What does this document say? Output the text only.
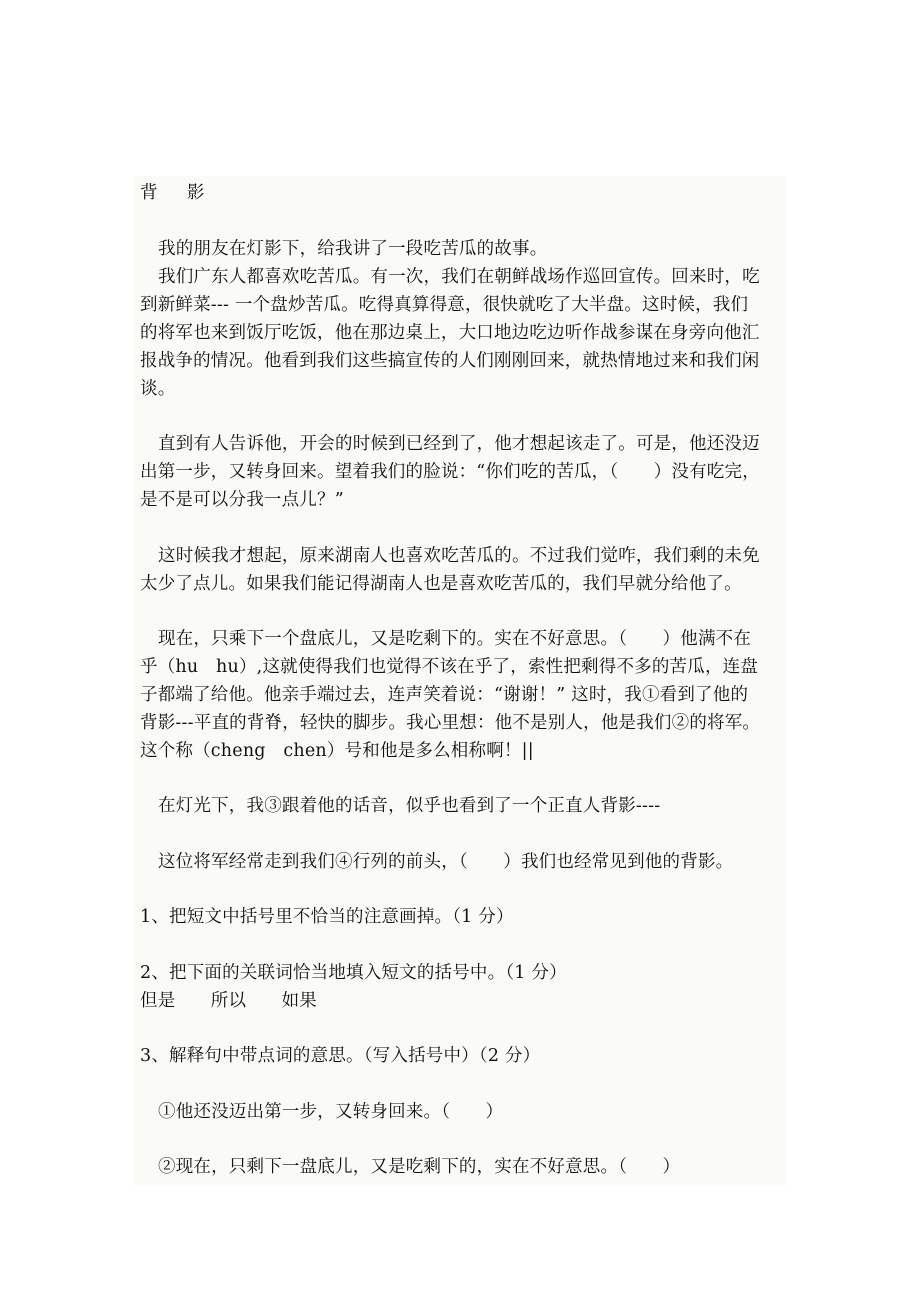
背 　 影
我的朋友在灯影下，给我讲了一段吃苦瓜的故事。
我们广东人都喜欢吃苦瓜。有一次，我们在朝鲜战场作巡回宣传。回来时，吃
到新鲜菜--- 一个盘炒苦瓜。吃得真算得意，很快就吃了大半盘。这时候，我们
的将军也来到饭厅吃饭，他在那边桌上，大口地边吃边听作战参谋在身旁向他汇
报战争的情况。他看到我们这些搞宣传的人们刚刚回来，就热情地过来和我们闲
谈。
直到有人告诉他，开会的时候到已经到了，他才想起该走了。可是，他还没迈
出第一步，又转身回来。望着我们的脸说：“你们吃的苦瓜，（　　）没有吃完，
是不是可以分我一点儿？”
这时候我才想起，原来湖南人也喜欢吃苦瓜的。不过我们觉咋，我们剩的未免
太少了点儿。如果我们能记得湖南人也是喜欢吃苦瓜的，我们早就分给他了。
现在，只乘下一个盘底儿，又是吃剩下的。实在不好意思。（　　）他满不在
乎（hu　hu）,这就使得我们也觉得不该在乎了，索性把剩得不多的苦瓜，连盘
子都端了给他。他亲手端过去，连声笑着说：“谢谢！” 这时，我①看到了他的
背影---平直的背脊，轻快的脚步。我心里想：他不是别人，他是我们②的将军。
这个称（cheng　chen）号和他是多么相称啊！||
在灯光下，我③跟着他的话音，似乎也看到了一个正直人背影----
这位将军经常走到我们④行列的前头，（　　）我们也经常见到他的背影。
1、把短文中括号里不恰当的注意画掉。（1 分）
2、把下面的关联词恰当地填入短文的括号中。（1 分）
但是　　所以　　如果
3、解释句中带点词的意思。（写入括号中）（2 分）
①他还没迈出第一步，又转身回来。（　　）
②现在，只剩下一盘底儿，又是吃剩下的，实在不好意思。（　　）
